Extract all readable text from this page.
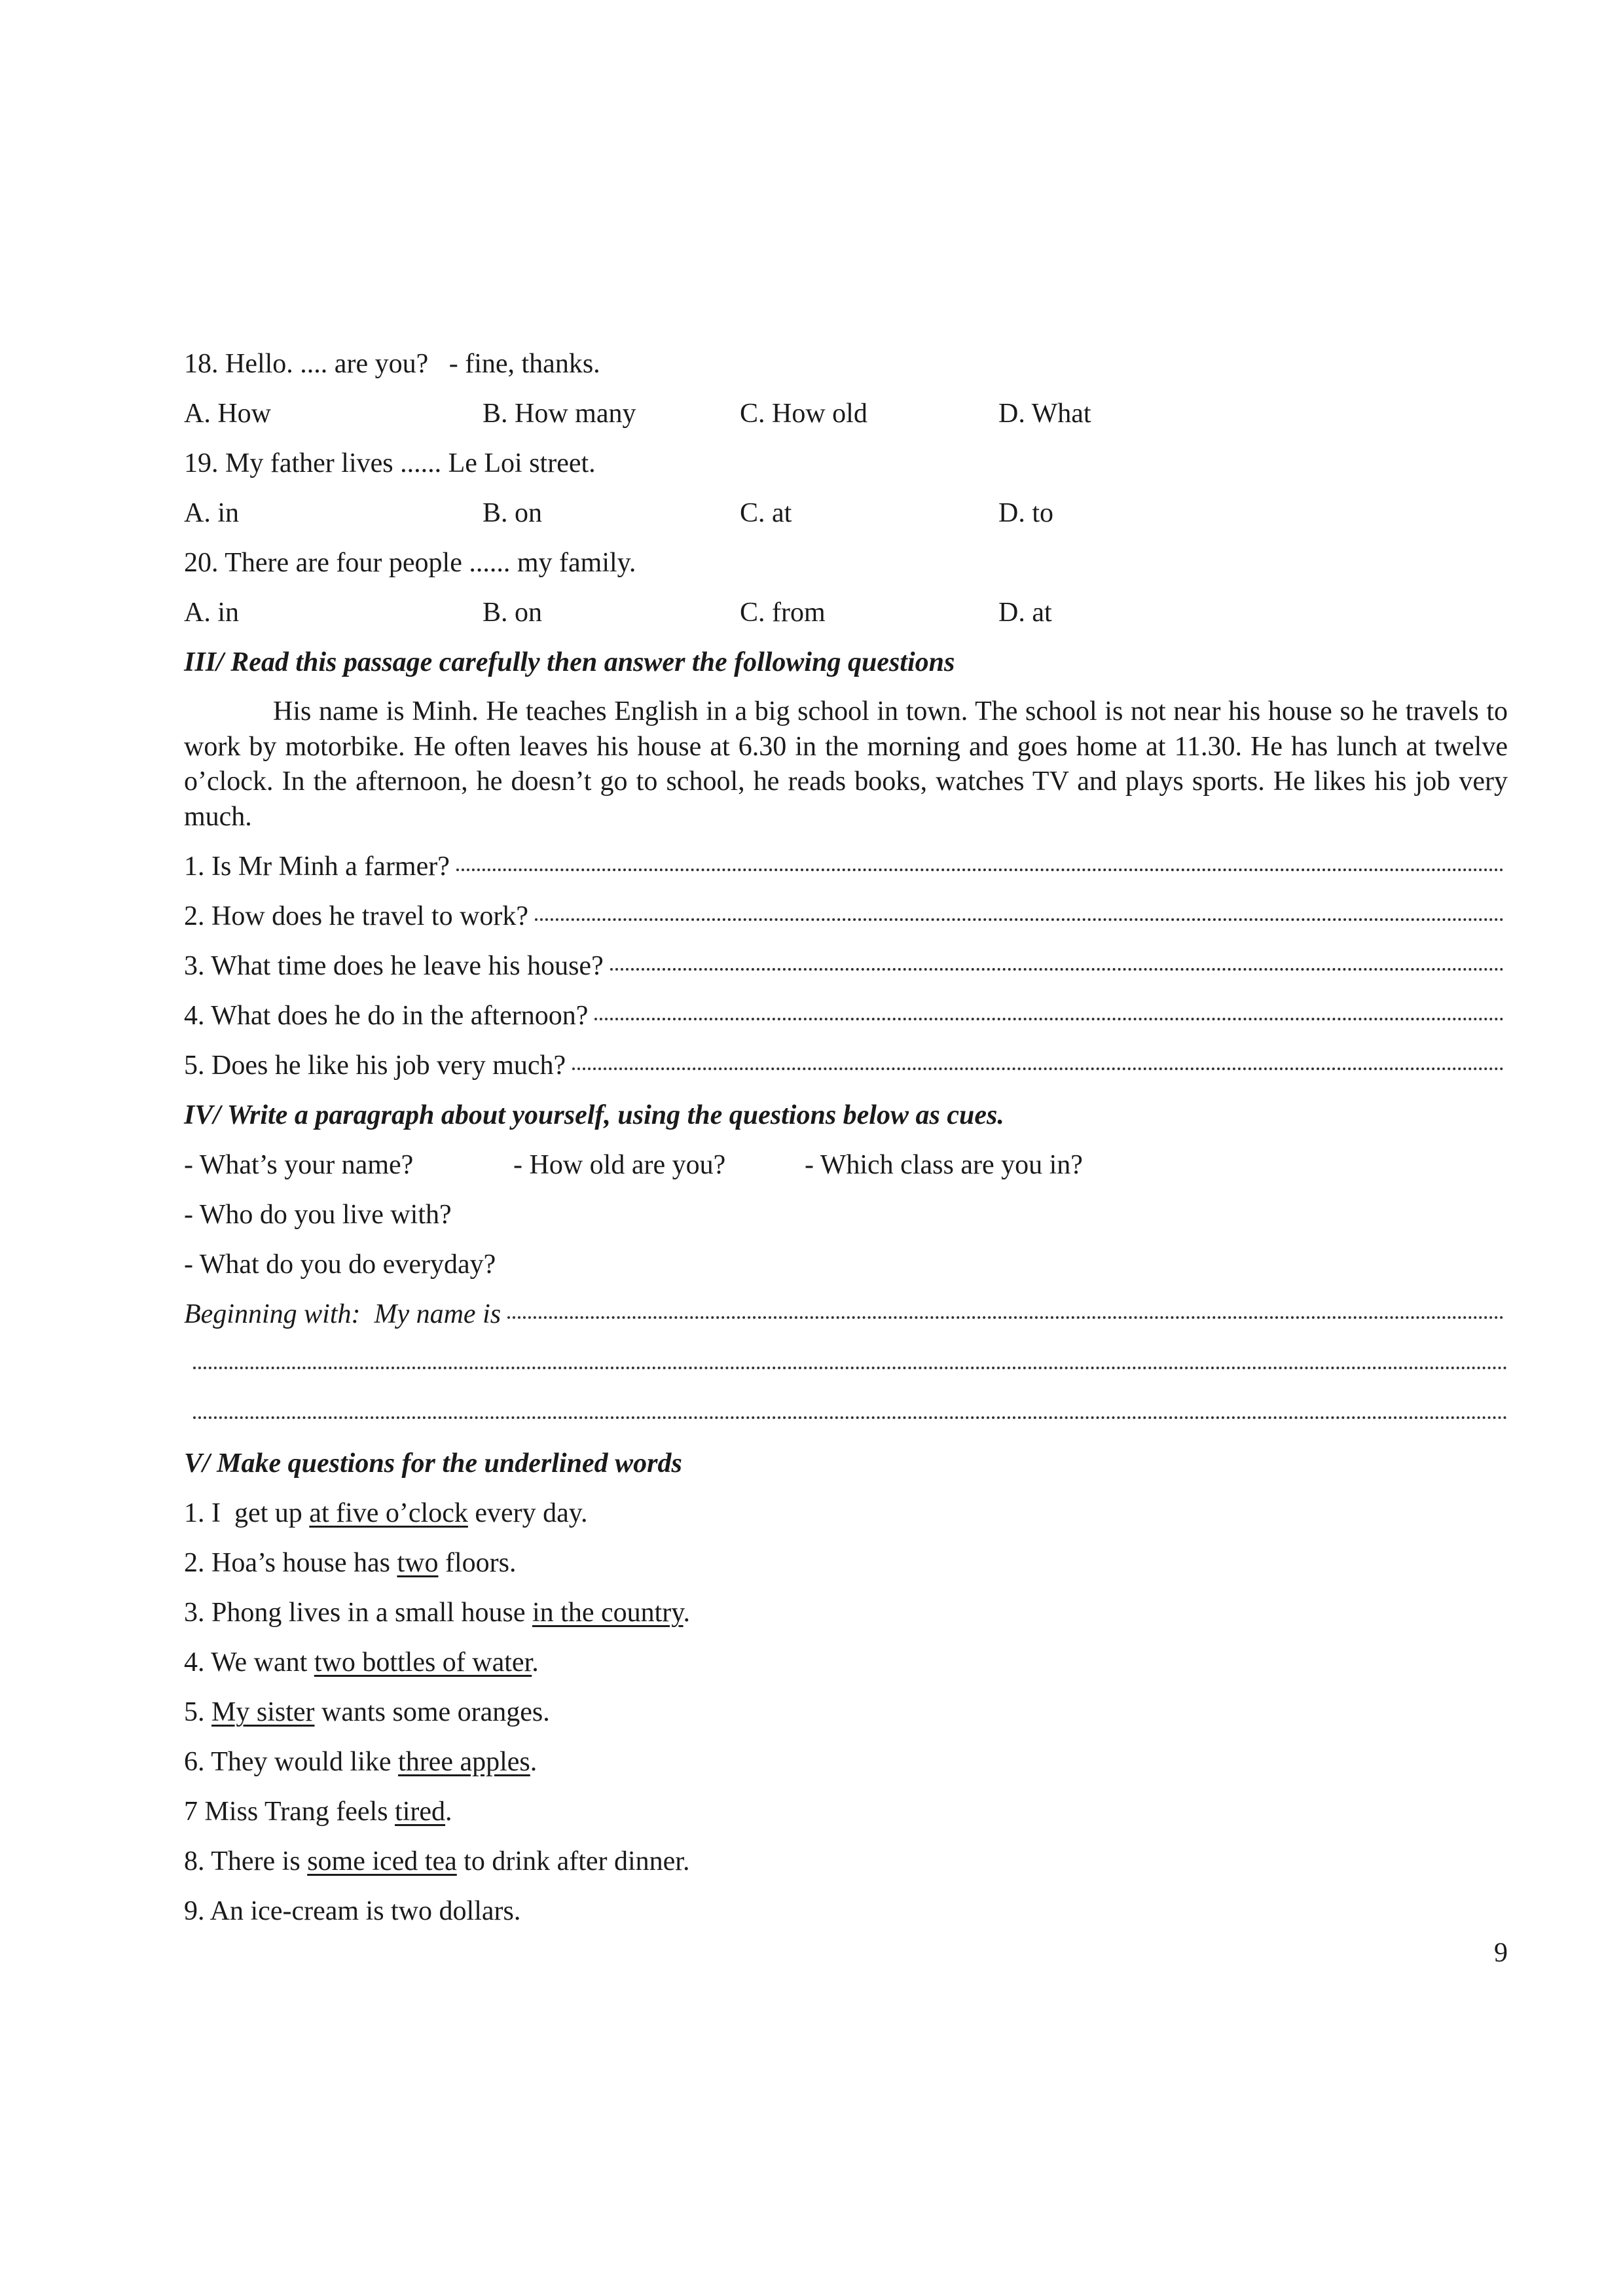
18. Hello. .... are you?   - fine, thanks.
A. How	B. How many	C. How old	D. What
19. My father lives ...... Le Loi street.
A. in	B. on	C. at	D. to
20. There are four people ...... my family.
A. in	B. on	C. from	D. at
III/ Read this passage carefully then answer the following questions
His name is Minh. He teaches English in a big school in town. The school is not near his house so he travels to work by motorbike. He often leaves his house at 6.30 in the morning and goes home at 11.30. He has lunch at twelve o’clock. In the afternoon, he doesn’t go to school, he reads books, watches TV and plays sports. He likes his job very much.
1. Is Mr Minh a farmer?
2. How does he travel to work?
3. What time does he leave his house?
4. What does he do in the afternoon?
5. Does he like his job very much?
IV/ Write a paragraph about yourself, using the questions below as cues.

- What’s your name?

	- How old are you?

	- Which class are you in?

- Who do you live with?
- What do you do everyday?
Beginning with:  My name is
V/ Make questions for the underlined words
1. I  get up at five o’clock every day.
2. Hoa’s house has two floors.
3. Phong lives in a small house in the country.
4. We want two bottles of water.
5. My sister wants some oranges.
6. They would like three apples.
7 Miss Trang feels tired.
8. There is some iced tea to drink after dinner.
9. An ice-cream is two dollars.
9
